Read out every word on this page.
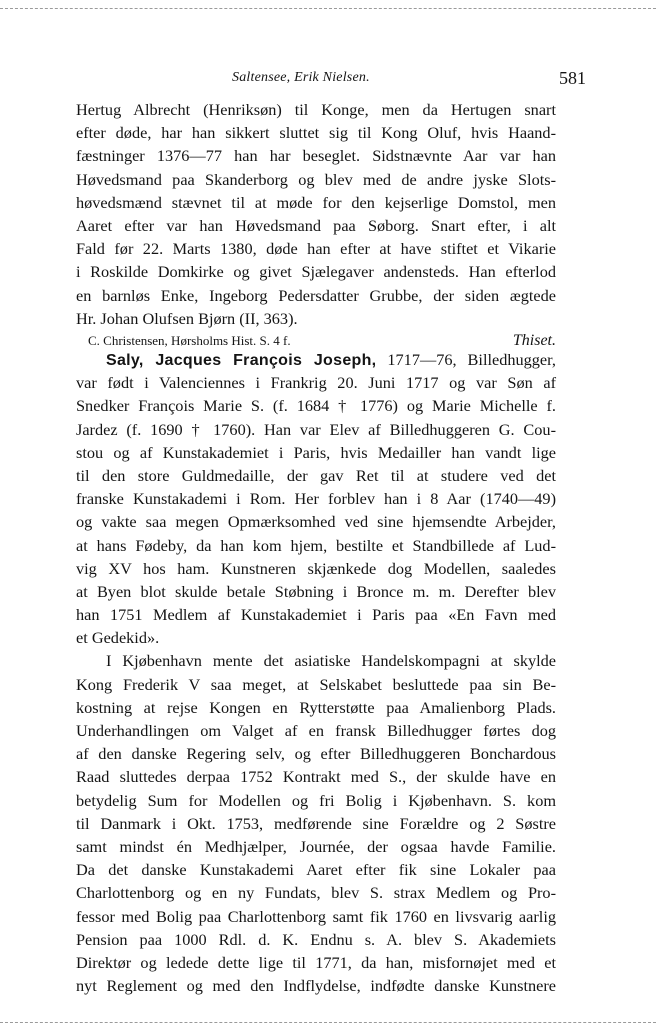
Saltensee, Erik Nielsen.	581
Hertug Albrecht (Henriksøn) til Konge, men da Hertugen snart
efter døde, har han sikkert sluttet sig til Kong Oluf, hvis Haand-
fæstninger 1376—77 han har beseglet. Sidstnævnte Aar var han
Høvedsmand paa Skanderborg og blev med de andre jyske Slots-
høvedsmænd stævnet til at møde for den kejserlige Domstol, men
Aaret efter var han Høvedsmand paa Søborg. Snart efter, i alt
Fald før 22. Marts 1380, døde han efter at have stiftet et Vikarie
i Roskilde Domkirke og givet Sjælegaver andensteds. Han efterlod
en barnløs Enke, Ingeborg Pedersdatter Grubbe, der siden ægtede
Hr. Johan Olufsen Bjørn (II, 363).
C. Christensen, Hørsholms Hist. S. 4 f.	Thiset.
Saly, Jacques François Joseph, 1717—76, Billedhugger,
var født i Valenciennes i Frankrig 20. Juni 1717 og var Søn af
Snedker François Marie S. (f. 1684 † 1776) og Marie Michelle f.
Jardez (f. 1690 † 1760). Han var Elev af Billedhuggeren G. Cou-
stou og af Kunstakademiet i Paris, hvis Medailler han vandt lige
til den store Guldmedaille, der gav Ret til at studere ved det
franske Kunstakademi i Rom. Her forblev han i 8 Aar (1740—49)
og vakte saa megen Opmærksomhed ved sine hjemsendte Arbejder,
at hans Fødeby, da han kom hjem, bestilte et Standbillede af Lud-
vig XV hos ham. Kunstneren skjænkede dog Modellen, saaledes
at Byen blot skulde betale Støbning i Bronce m. m. Derefter blev
han 1751 Medlem af Kunstakademiet i Paris paa «En Favn med
et Gedekid».
I Kjøbenhavn mente det asiatiske Handelskompagni at skylde
Kong Frederik V saa meget, at Selskabet besluttede paa sin Be-
kostning at rejse Kongen en Rytterstøtte paa Amalienborg Plads.
Underhandlingen om Valget af en fransk Billedhugger førtes dog
af den danske Regering selv, og efter Billedhuggeren Bonchardous
Raad sluttedes derpaa 1752 Kontrakt med S., der skulde have en
betydelig Sum for Modellen og fri Bolig i Kjøbenhavn. S. kom
til Danmark i Okt. 1753, medførende sine Forældre og 2 Søstre
samt mindst én Medhjælper, Journée, der ogsaa havde Familie.
Da det danske Kunstakademi Aaret efter fik sine Lokaler paa
Charlottenborg og en ny Fundats, blev S. strax Medlem og Pro-
fessor med Bolig paa Charlottenborg samt fik 1760 en livsvarig aarlig
Pension paa 1000 Rdl. d. K. Endnu s. A. blev S. Akademiets
Direktør og ledede dette lige til 1771, da han, misfornøjet med et
nyt Reglement og med den Indflydelse, indfødte danske Kunstnere
